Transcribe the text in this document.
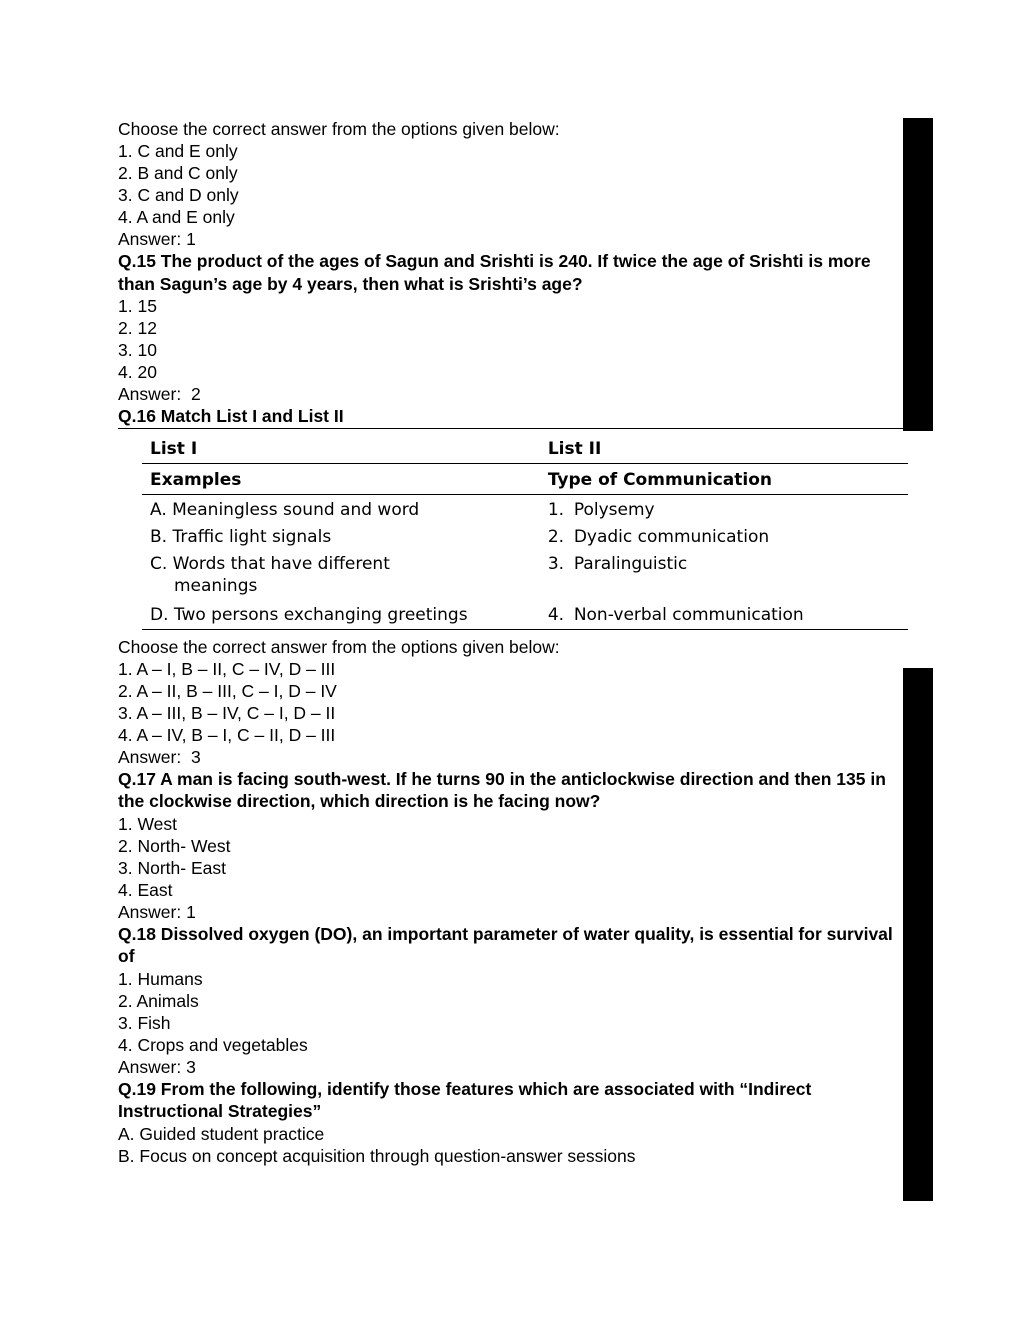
Choose the correct answer from the options given below:
1. C and E only
2. B and C only
3. C and D only
4. A and E only
Answer: 1
Q.15 The product of the ages of Sagun and Srishti is 240. If twice the age of Srishti is more than Sagun’s age by 4 years, then what is Srishti’s age?
1. 15
2. 12
3. 10
4. 20
Answer:  2
Q.16 Match List I and List II
List I	List II
Examples	Type of Communication
A. Meaningless sound and word	1. Polysemy
B. Traffic light signals	2. Dyadic communication
C. Words that have different	3. Paralinguistic
meanings	
D. Two persons exchanging greetings	4. Non-verbal communication
Choose the correct answer from the options given below:
1. A – I, B – II, C – IV, D – III
2. A – II, B – III, C – I, D – IV
3. A – III, B – IV, C – I, D – II
4. A – IV, B – I, C – II, D – III
Answer:  3
Q.17 A man is facing south-west. If he turns 90 in the anticlockwise direction and then 135 in the clockwise direction, which direction is he facing now?
1. West
2. North- West
3. North- East
4. East
Answer: 1
Q.18 Dissolved oxygen (DO), an important parameter of water quality, is essential for survival of
1. Humans
2. Animals
3. Fish
4. Crops and vegetables
Answer: 3
Q.19 From the following, identify those features which are associated with “Indirect Instructional Strategies”
A. Guided student practice
B. Focus on concept acquisition through question-answer sessions
